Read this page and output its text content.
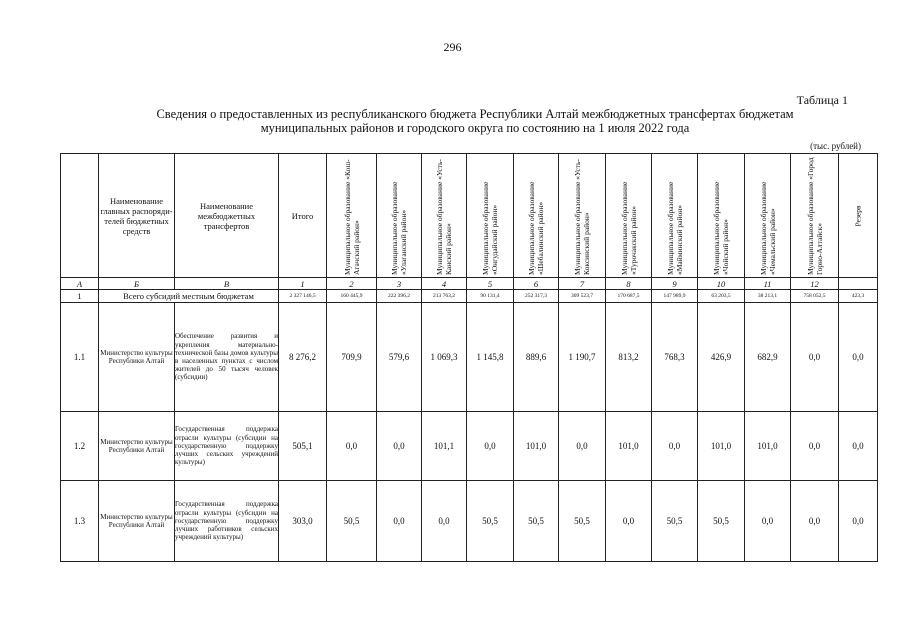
296
Таблица 1
Сведения о предоставленных из республиканского бюджета Республики Алтай межбюджетных трансфертах бюджетам
муниципальных районов и городского округа по состоянию на 1 июля 2022 года
(тыс. рублей)
	Наименование главных распоряди-телей бюджетных средств	Наименование межбюджетных трансфертов	Итого	Муниципальное образование «Кош-Агачский район»	Муниципальное образование «Улаганский район»	Муниципальное образование «Усть-Канский район»	Муниципальное образование «Онгудайский район»	Муниципальное образование «Шебалинский район»	Муниципальное образование «Усть-Коксинский район»	Муниципальное образование «Турочакский район»	Муниципальное образование «Майминский район»	Муниципальное образование «Чойский район»	Муниципальное образование «Чемальский район»	Муниципальное образование «Город Горно-Алтайск»	Резерв

А	Б	В	1	2	3	4	5	6	7	8	9	10	11	12	
1	Всего субсидий местным бюджетам		2 327 146,5	160 445,9	222 396,2	213 763,2	90 131,4	252 317,3	309 523,7	170 687,5	147 989,9	63 203,5	38 213,1	758 052,5	423,3
1.1	Министерство культуры Республики Алтай	Обеспечение развития и укрепления материально-технической базы домов культуры в населенных пунктах с числом жителей до 50 тысяч человек (субсидии)	8 276,2	709,9	579,6	1 069,3	1 145,8	889,6	1 190,7	813,2	768,3	426,9	682,9	0,0	0,0
1.2	Министерство культуры Республики Алтай	Государственная поддержка отрасли культуры (субсидии на государственную поддержку лучших сельских учреждений культуры)	505,1	0,0	0,0	101,1	0,0	101,0	0,0	101,0	0,0	101,0	101,0	0,0	0,0
1.3	Министерство культуры Республики Алтай	Государственная поддержка отрасли культуры (субсидии на государственную поддержку лучших работников сельских учреждений культуры)	303,0	50,5	0,0	0,0	50,5	50,5	50,5	0,0	50,5	50,5	0,0	0,0	0,0
